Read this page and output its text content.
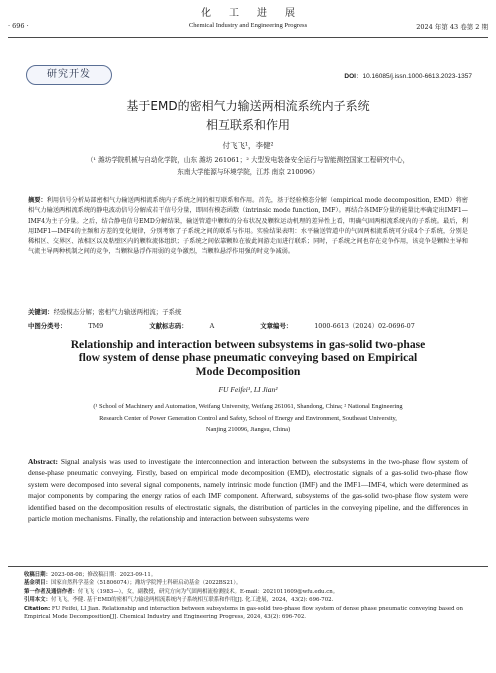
化工进展
· 696 ·	Chemical Industry and Engineering Progress	2024 年第 43 卷第 2 期
研究开发	DOI：10.16085/j.issn.1000-6613.2023-1357
基于EMD的密相气力输送两相流系统内子系统
相互联系和作用
付飞飞¹，李健²
（¹ 潍坊学院机械与自动化学院，山东 潍坊 261061；² 大型发电装备安全运行与智能测控国家工程研究中心，
东南大学能源与环境学院，江苏 南京 210096）
摘要：利用信号分析局部密相气力输送两相流系统内子系统之间的相互联系和作用。首先，基于经验模态分解（empirical mode decomposition, EMD）将密相气力输送两相流系统的静电波动信号分解成若干信号分量，即固有模态函数（intrinsic mode function, IMF）。再结合各IMF分量的能量比率确定出IMF1—IMF4为主子分量。之后，结合静电信号EMD分解结果，输送管道中颗粒的分布状况及颗粒运动机理的差异性上看，明确气固两相流系统内的子系统。最后，利用IMF1—IMF4的主频和方差的变化规律，分别考察了子系统之间的联系与作用。实验结果表明：水平输送管道中的气固两相流系统可分成4个子系统，分别是稀相区、交界区、浓相区以及粘壁区内的颗粒流体组织；子系统之间依靠颗粒在彼此间游走而进行联系；同时，子系统之间也存在竞争作用，该竞争是颗粒主导和气流主导两种机制之间的竞争，当颗粒悬浮作用弱的竞争激烈，当颗粒悬浮作用强的时竞争减弱。
关键词：经验模态分解；密相气力输送两相流；子系统
中图分类号：	TM9	文献标志码：	A	文章编号：	1000-6613（2024）02-0696-07
Relationship and interaction between subsystems in gas-solid two-phase
flow system of dense phase pneumatic conveying based on Empirical
Mode Decomposition
FU Feifei¹, LI Jian²
(¹ School of Machinery and Automation, Weifang University, Weifang 261061, Shandong, China; ² National Engineering
Research Center of Power Generation Control and Safety, School of Energy and Environment, Southeast University,
Nanjing 210096, Jiangsu, China)
Abstract: Signal analysis was used to investigate the interconnection and interaction between the subsystems in the two-phase flow system of dense-phase pneumatic conveying. Firstly, based on empirical mode decomposition (EMD), electrostatic signals of a gas-solid two-phase flow system were decomposed into several signal components, namely intrinsic mode function (IMF) and the IMF1—IMF4, which were determined as major components by comparing the energy ratios of each IMF component. Afterward, subsystems of the gas-solid two-phase flow system were identified based on the decomposition results of electrostatic signals, the distribution of particles in the conveying pipeline, and the differences in particle motion mechanisms. Finally, the relationship and interaction between subsystems were

收稿日期：2023-08-08；修改稿日期：2023-09-11。

基金项目：国家自然科学基金（51806074）；潍坊学院博士科研启动基金（2022BS21）。

第一作者及通信作者：付飞飞（1983—），女，副教授，研究方向为气固两相流检测技术。E-mail：2021011609@wfu.edu.cn。

引用本文：付飞飞，李健. 基于EMD的密相气力输送两相流系统内子系统相互联系和作用[J]. 化工进展，2024，43(2): 696-702.

Citation: FU Feifei, LI Jian. Relationship and interaction between subsystems in gas-solid two-phase flow system of dense phase pneumatic conveying based on Empirical Mode Decomposition[J]. Chemical Industry and Engineering Progress, 2024, 43(2): 696-702.
